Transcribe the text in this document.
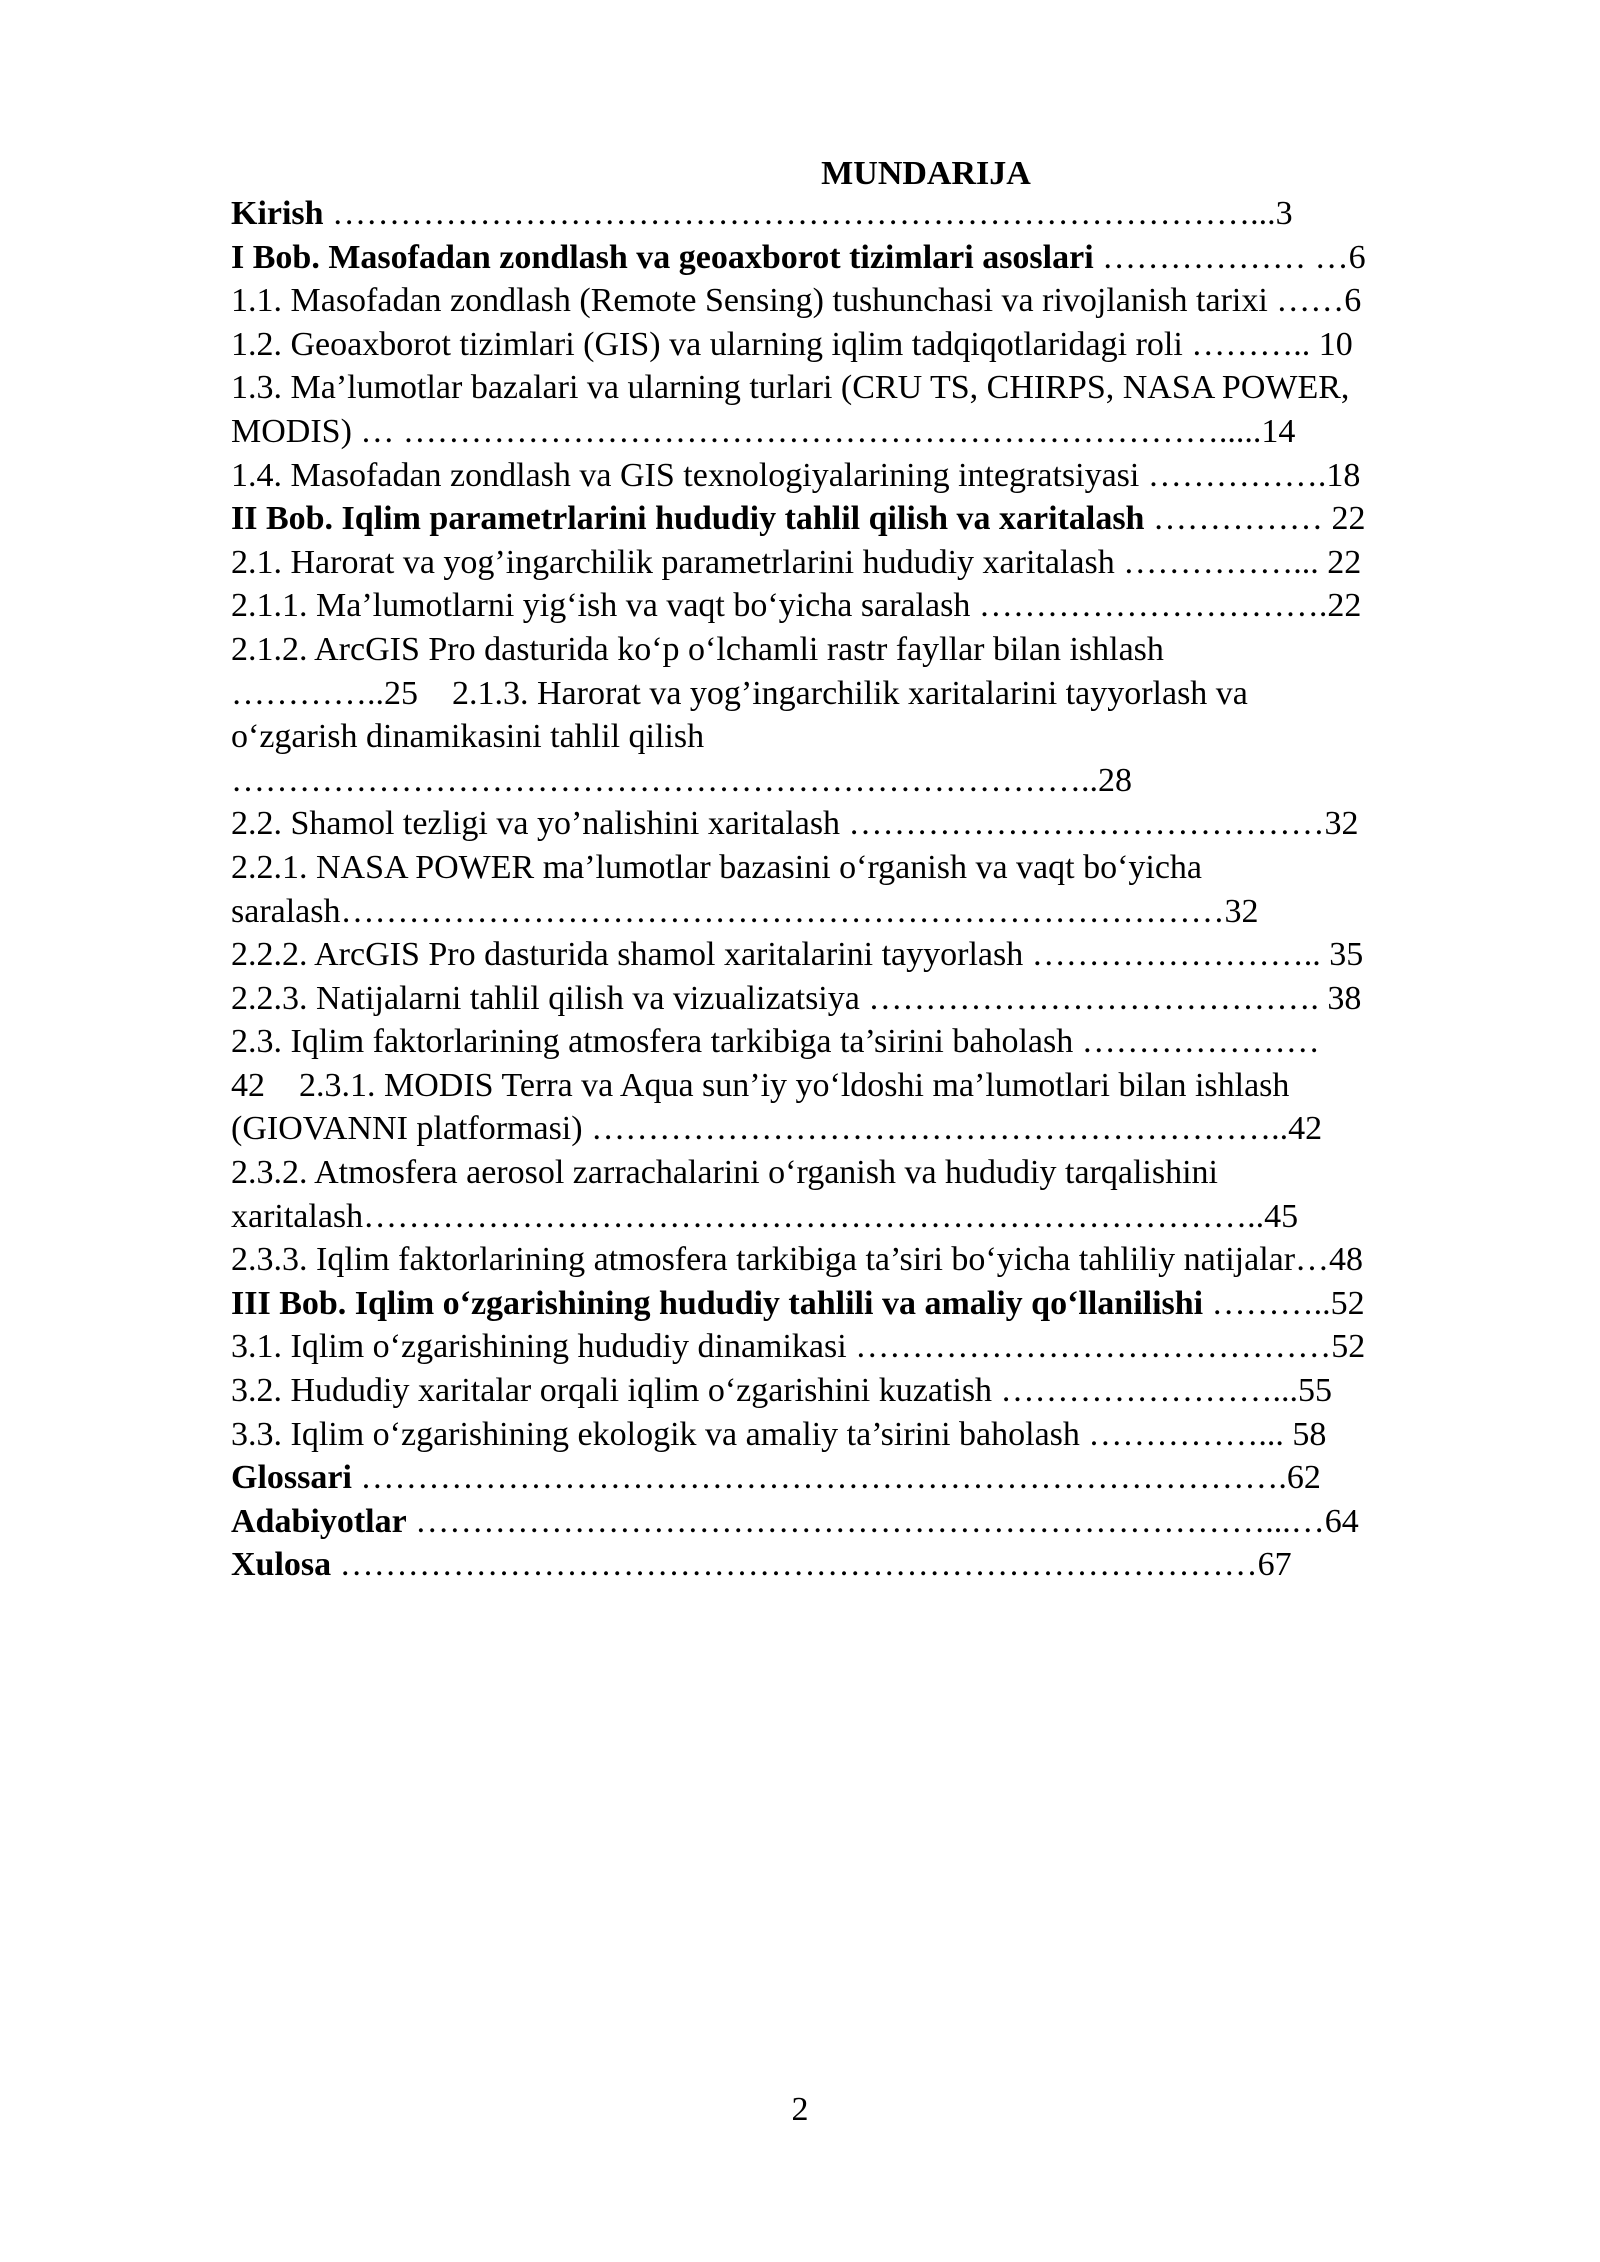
MUNDARIJA
Kirish ………………………………………………………………………...3
I Bob. Masofadan zondlash va geoaxborot tizimlari asoslari ……………… …6
1.1. Masofadan zondlash (Remote Sensing) tushunchasi va rivojlanish tarixi ……6
1.2. Geoaxborot tizimlari (GIS) va ularning iqlim tadqiqotlaridagi roli ……….. 10
1.3. Ma’lumotlar bazalari va ularning turlari (CRU TS, CHIRPS, NASA POWER,
MODIS) … ……………………………………………………………….....14
1.4. Masofadan zondlash va GIS texnologiyalarining integratsiyasi …………….18
II Bob. Iqlim parametrlarini hududiy tahlil qilish va xaritalash …………… 22
2.1. Harorat va yog’ingarchilik parametrlarini hududiy xaritalash ……………... 22
2.1.1. Ma’lumotlarni yig‘ish va vaqt bo‘yicha saralash ………………………….22
2.1.2. ArcGIS Pro dasturida ko‘p o‘lchamli rastr fayllar bilan ishlash
…………..25    2.1.3. Harorat va yog’ingarchilik xaritalarini tayyorlash va
o‘zgarish dinamikasini tahlil qilish
…………………………………………………………………..28
2.2. Shamol tezligi va yo’nalishini xaritalash ……………………………………32
2.2.1. NASA POWER ma’lumotlar bazasini o‘rganish va vaqt bo‘yicha
saralash……………………………………………………………………32
2.2.2. ArcGIS Pro dasturida shamol xaritalarini tayyorlash …………………….. 35
2.2.3. Natijalarni tahlil qilish va vizualizatsiya …………………………………. 38
2.3. Iqlim faktorlarining atmosfera tarkibiga ta’sirini baholash …………………
42    2.3.1. MODIS Terra va Aqua sun’iy yo‘ldoshi ma’lumotlari bilan ishlash
(GIOVANNI platformasi) ……………………………………………………..42
2.3.2. Atmosfera aerosol zarrachalarini o‘rganish va hududiy tarqalishini
xaritalash……………………………………………………………………..45
2.3.3. Iqlim faktorlarining atmosfera tarkibiga ta’siri bo‘yicha tahliliy natijalar…48
III Bob. Iqlim o‘zgarishining hududiy tahlili va amaliy qo‘llanilishi ………..52
3.1. Iqlim o‘zgarishining hududiy dinamikasi ……………………………………52
3.2. Hududiy xaritalar orqali iqlim o‘zgarishini kuzatish ……………………...55
3.3. Iqlim o‘zgarishining ekologik va amaliy ta’sirini baholash ……………... 58
Glossari ……………………………………………………………………….62
Adabiyotlar …………………………………………………………………...…64
Xulosa ………………………………………………………………………67
2
